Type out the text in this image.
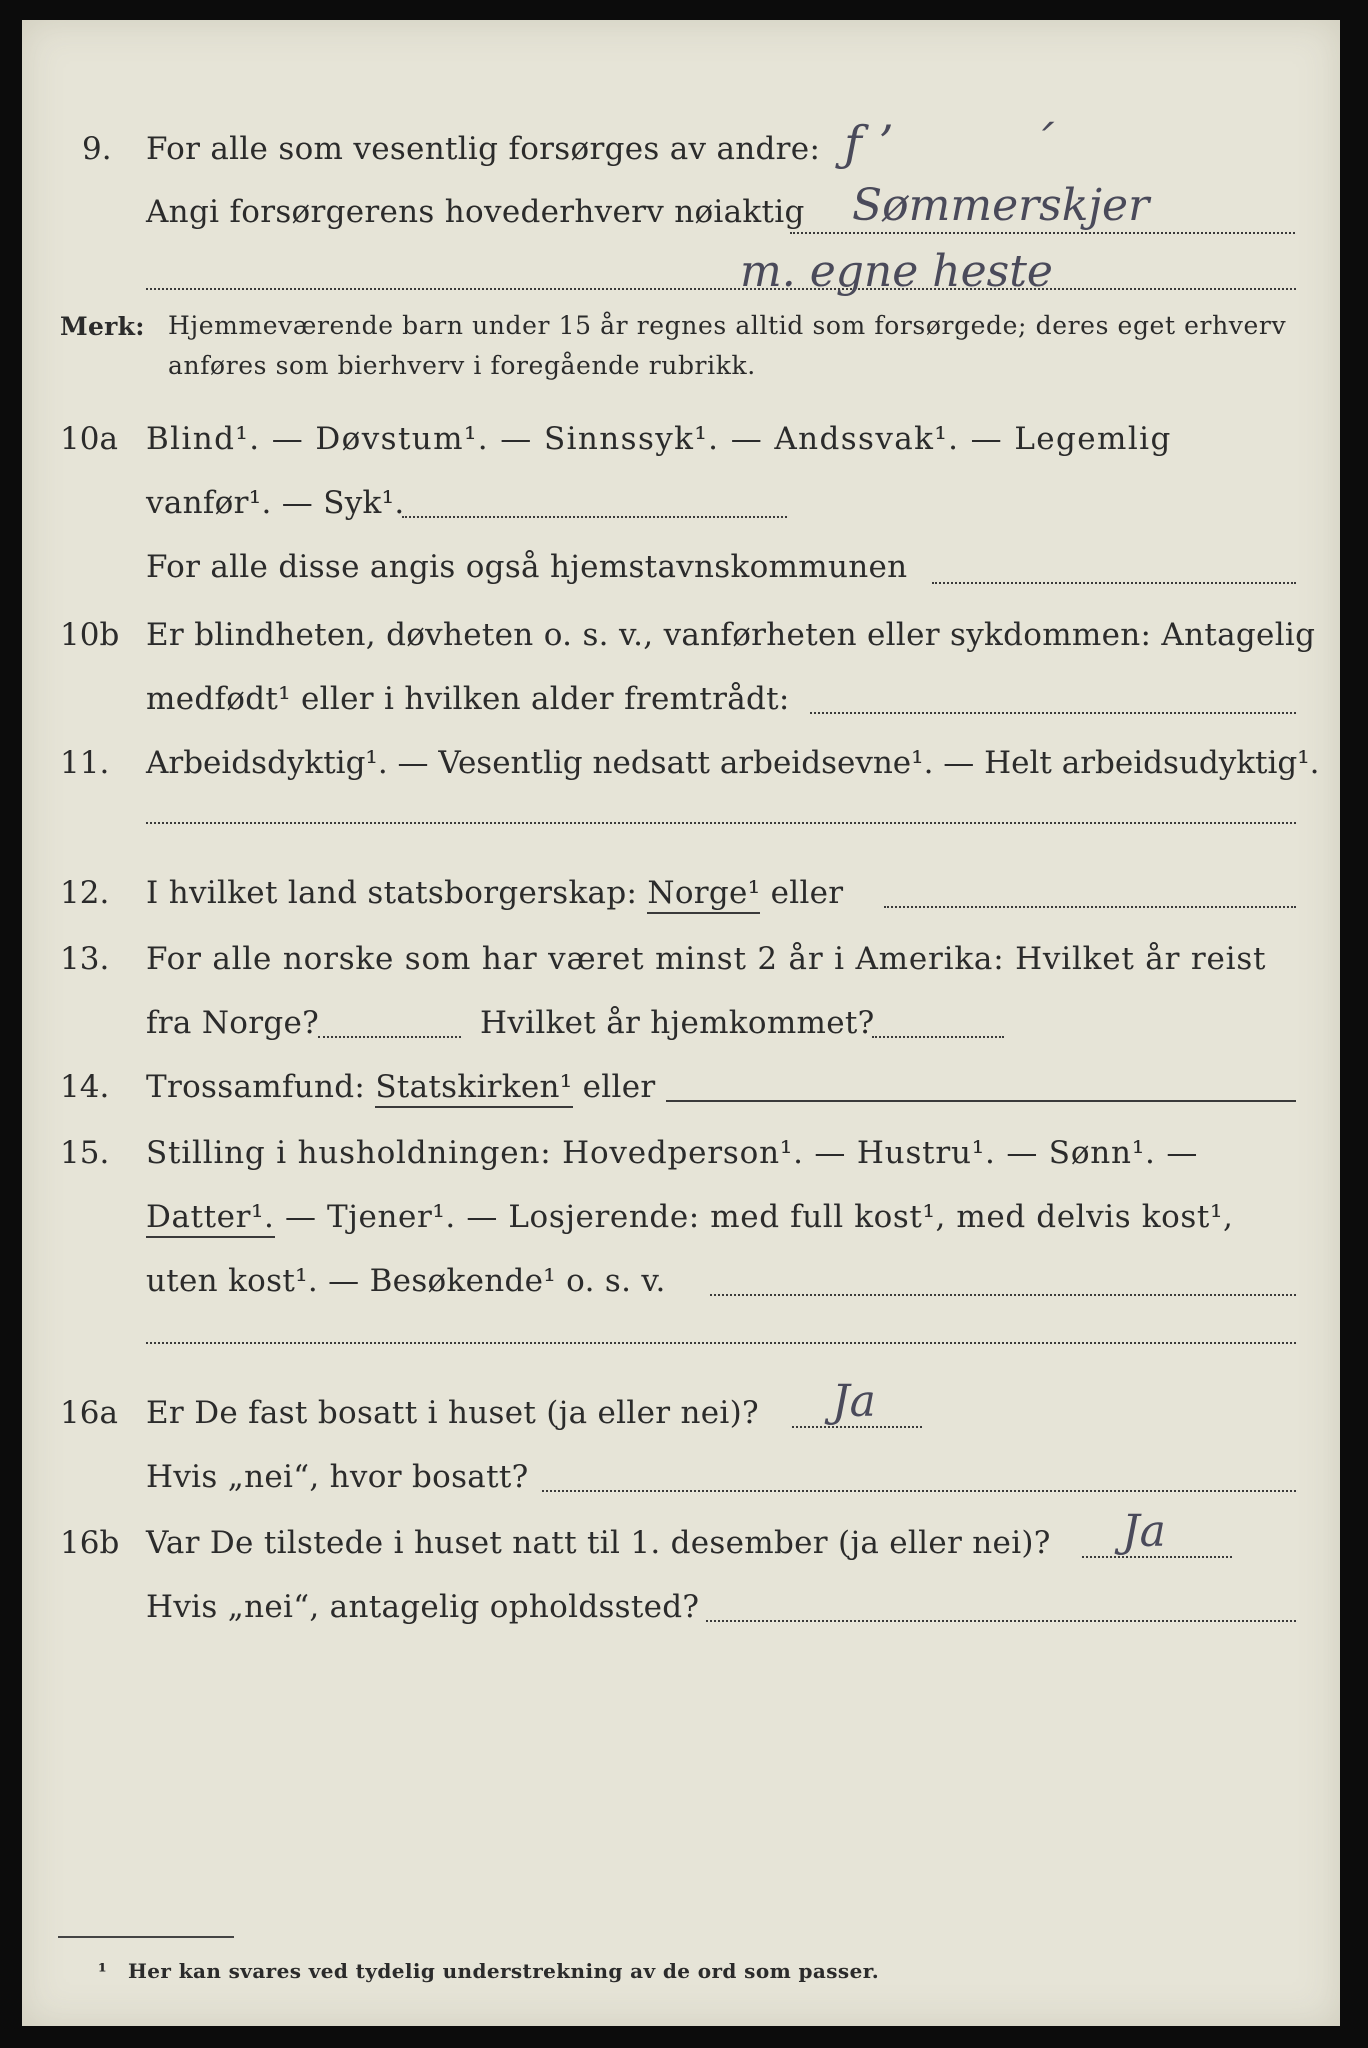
9. For alle som vesentlig forsørges av andre: ƒ ʼ         ˊ
Angi forsørgerens hovederhverv nøiaktig Sømmerskjer
m. egne heste
Merk: Hjemmeværende barn under 15 år regnes alltid som forsørgede; deres eget erhverv
anføres som bierhverv i foregående rubrikk.
10a Blind¹. — Døvstum¹. — Sinnssyk¹. — Andssvak¹. — Legemlig
vanfør¹. — Syk¹.
For alle disse angis også hjemstavnskommunen
10b Er blindheten, døvheten o. s. v., vanførheten eller sykdommen: Antagelig
medfødt¹ eller i hvilken alder fremtrådt:
11. Arbeidsdyktig¹. — Vesentlig nedsatt arbeidsevne¹. — Helt arbeidsudyktig¹.
12. I hvilket land statsborgerskap: Norge¹ eller
13. For alle norske som har været minst 2 år i Amerika: Hvilket år reist
fra Norge?	Hvilket år hjemkommet?
14. Trossamfund: Statskirken¹ eller
15. Stilling i husholdningen: Hovedperson¹. — Hustru¹. — Sønn¹. —
Datter¹. — Tjener¹. — Losjerende: med full kost¹, med delvis kost¹,
uten kost¹. — Besøkende¹ o. s. v.
16a Er De fast bosatt i huset (ja eller nei)? Ja
Hvis „nei“, hvor bosatt?
16b Var De tilstede i huset natt til 1. desember (ja eller nei)? Ja
Hvis „nei“, antagelig opholdssted?
¹ Her kan svares ved tydelig understrekning av de ord som passer.
